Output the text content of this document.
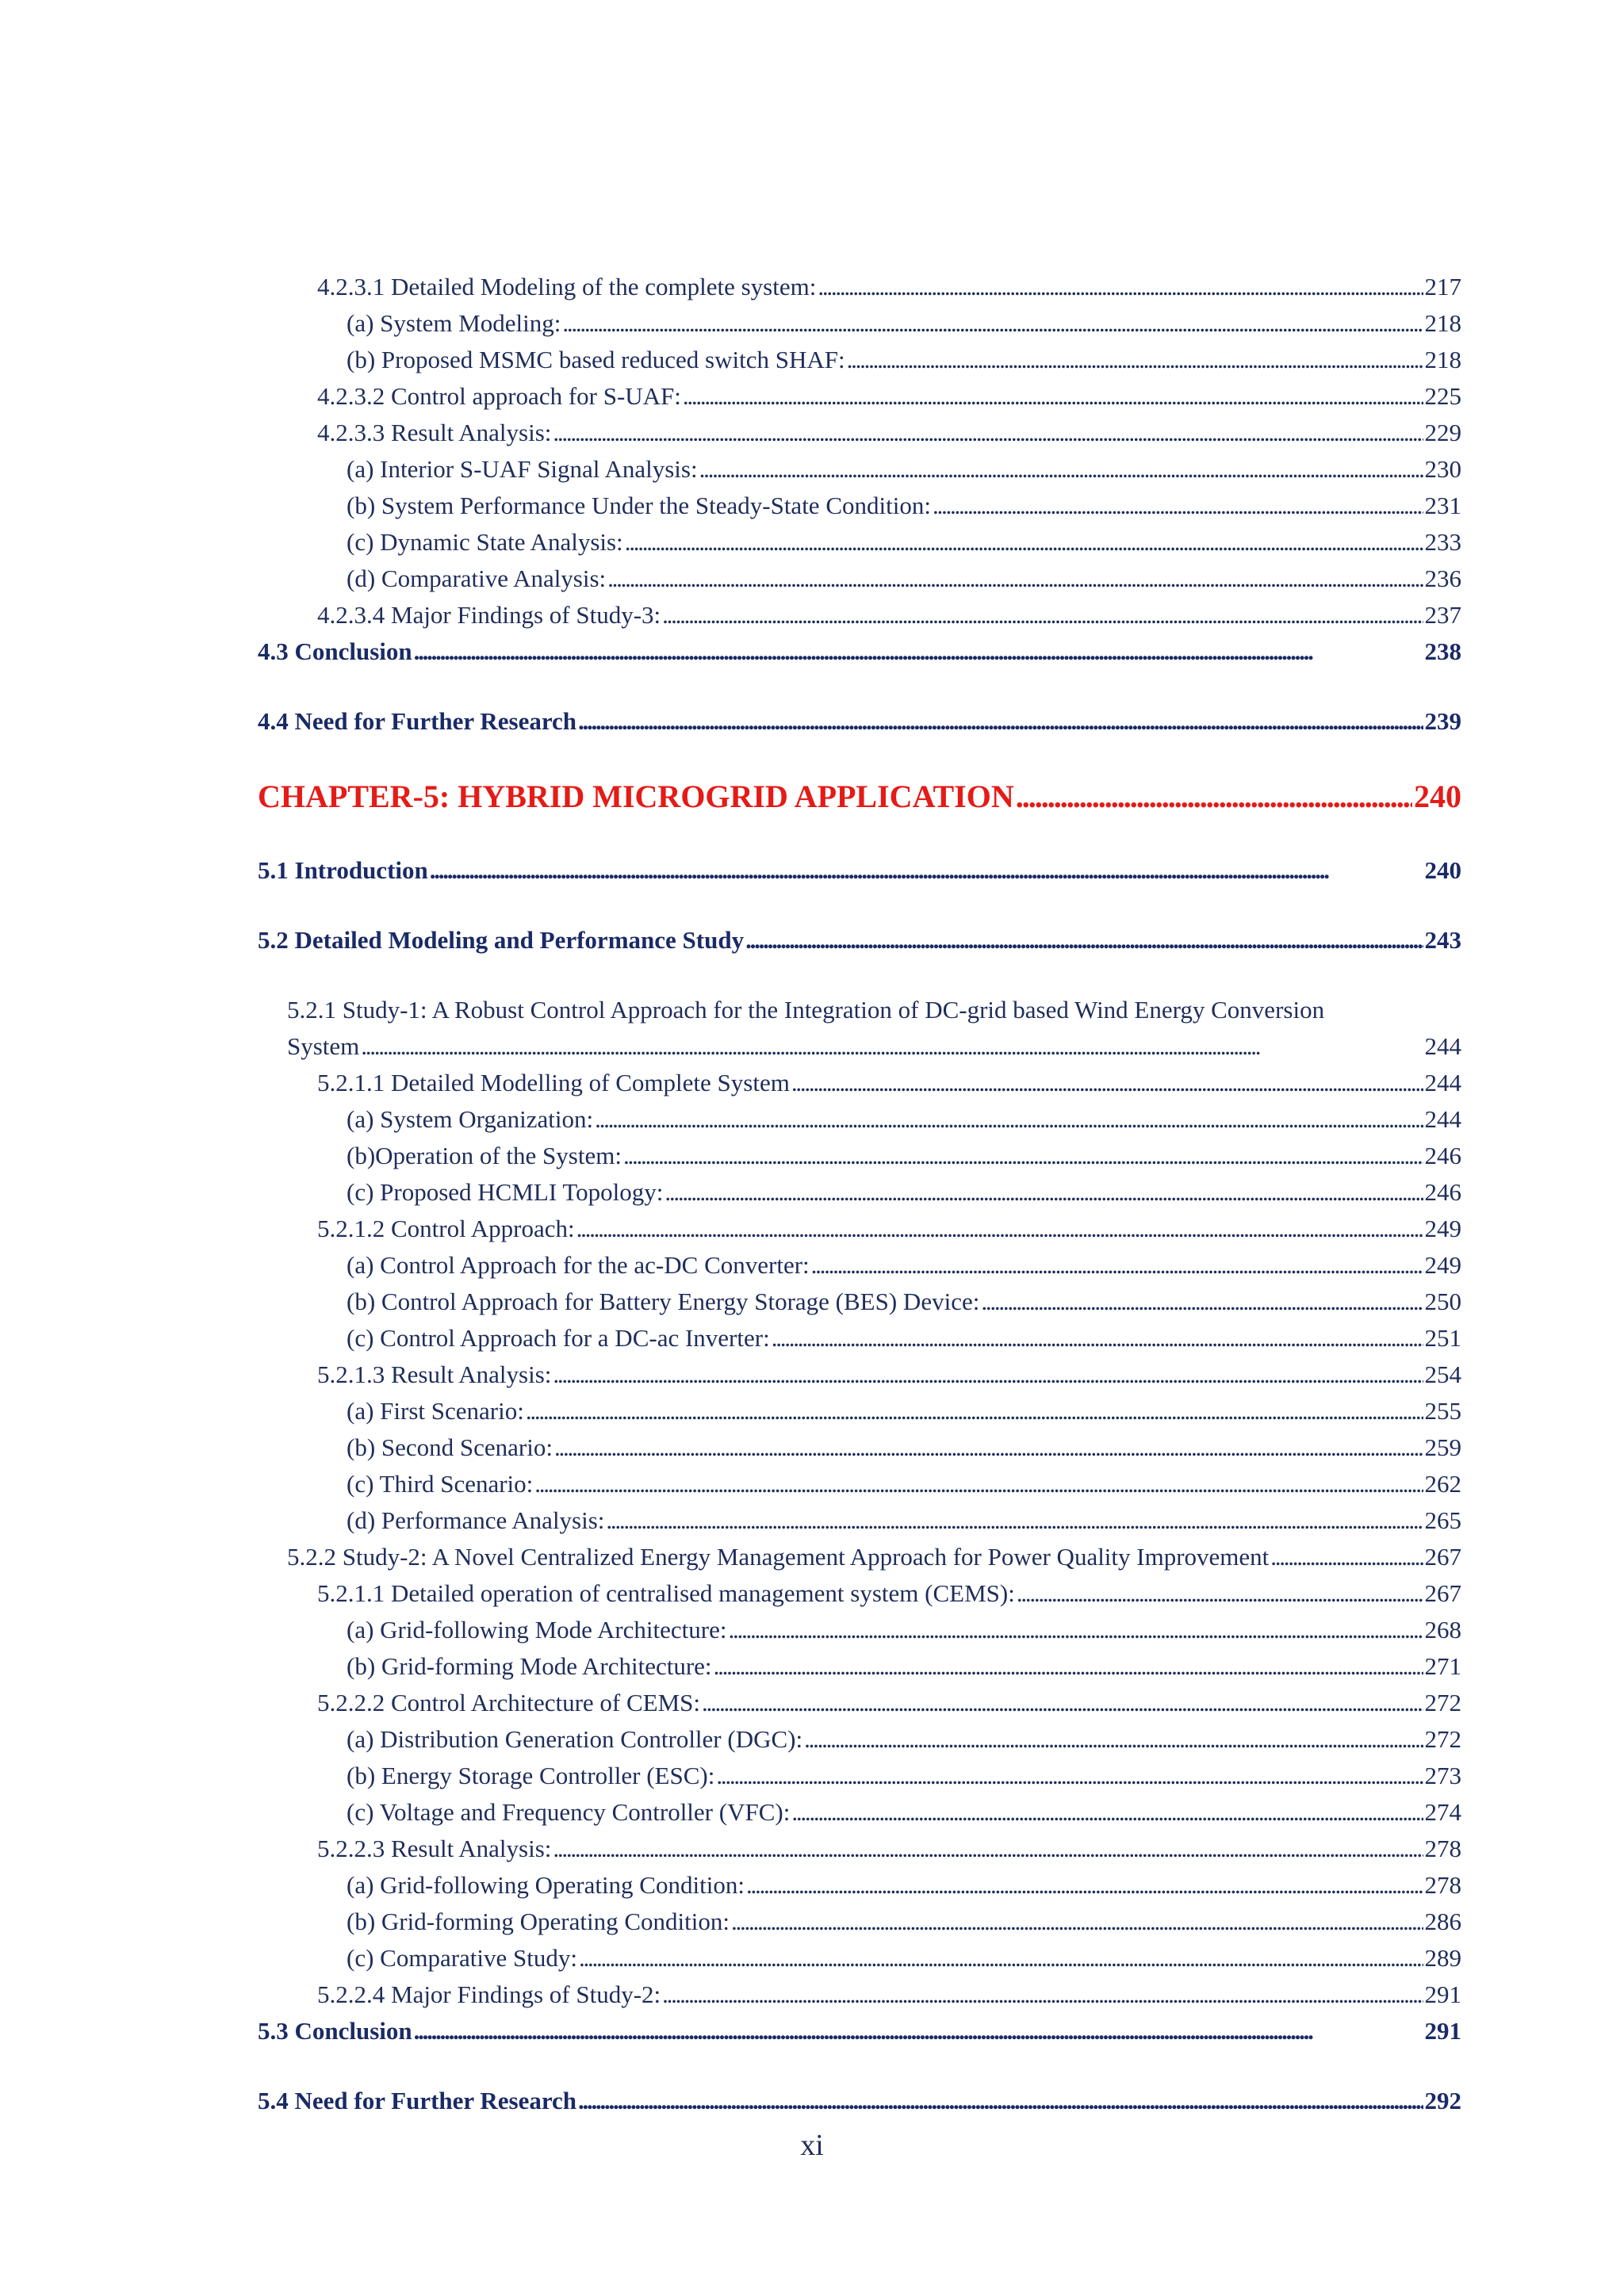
4.2.3.1 Detailed Modeling of the complete system: . . .	217
(a) System Modeling: . . .	218
(b) Proposed MSMC based reduced switch SHAF: . . .	218
4.2.3.2 Control approach for S-UAF: . . .	225
4.2.3.3 Result Analysis: . . .	229
(a) Interior S-UAF Signal Analysis: . . .	230
(b) System Performance Under the Steady-State Condition: . . .	231
(c) Dynamic State Analysis: . . .	233
(d) Comparative Analysis: . . .	236
4.2.3.4 Major Findings of Study-3: . . .	237
4.3 Conclusion . . .	238
4.4 Need for Further Research . . .	239
CHAPTER-5: HYBRID MICROGRID APPLICATION . . .	240
5.1 Introduction . . .	240
5.2 Detailed Modeling and Performance Study . . .	243
5.2.1 Study-1: A Robust Control Approach for the Integration of DC-grid based Wind Energy Conversion
System . . .	244
5.2.1.1 Detailed Modelling of Complete System . . .	244
(a) System Organization: . . .	244
(b)Operation of the System: . . .	246
(c) Proposed HCMLI Topology: . . .	246
5.2.1.2 Control Approach: . . .	249
(a) Control Approach for the ac-DC Converter: . . .	249
(b) Control Approach for Battery Energy Storage (BES) Device: . . .	250
(c) Control Approach for a DC-ac Inverter: . . .	251
5.2.1.3 Result Analysis: . . .	254
(a) First Scenario: . . .	255
(b) Second Scenario: . . .	259
(c) Third Scenario: . . .	262
(d) Performance Analysis: . . .	265
5.2.2 Study-2: A Novel Centralized Energy Management Approach for Power Quality Improvement . . .	267
5.2.1.1 Detailed operation of centralised management system (CEMS): . . .	267
(a) Grid-following Mode Architecture: . . .	268
(b) Grid-forming Mode Architecture: . . .	271
5.2.2.2 Control Architecture of CEMS: . . .	272
(a) Distribution Generation Controller (DGC): . . .	272
(b) Energy Storage Controller (ESC): . . .	273
(c) Voltage and Frequency Controller (VFC): . . .	274
5.2.2.3 Result Analysis: . . .	278
(a) Grid-following Operating Condition: . . .	278
(b) Grid-forming Operating Condition: . . .	286
(c) Comparative Study: . . .	289
5.2.2.4 Major Findings of Study-2: . . .	291
5.3 Conclusion . . .	291
5.4 Need for Further Research . . .	292
xi
